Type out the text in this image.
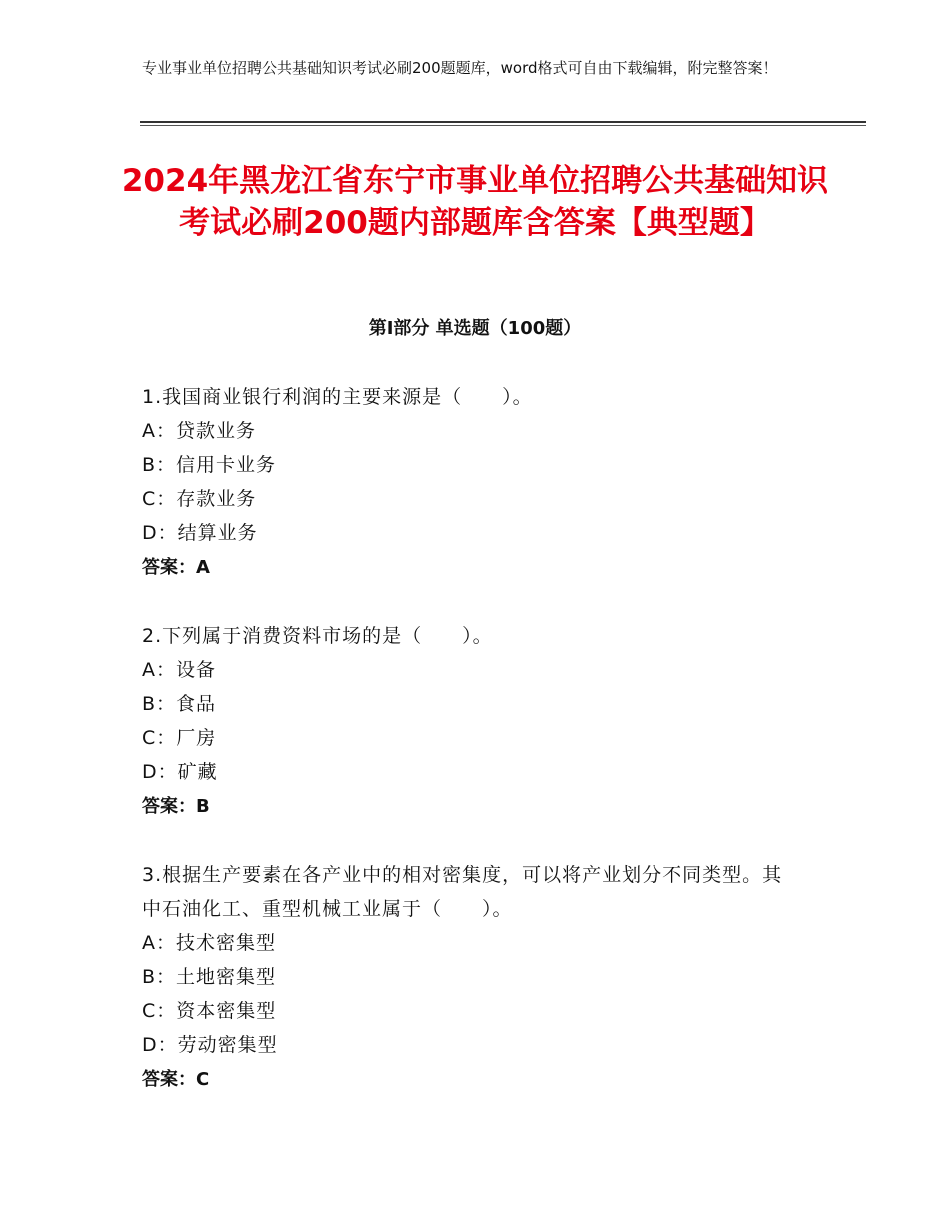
专业事业单位招聘公共基础知识考试必刷200题题库，word格式可自由下载编辑，附完整答案！
2024年黑龙江省东宁市事业单位招聘公共基础知识考试必刷200题内部题库含答案【典型题】
第Ⅰ部分 单选题（100题）
1.我国商业银行利润的主要来源是（　　）。
A：贷款业务
B：信用卡业务
C：存款业务
D：结算业务
答案：A
2.下列属于消费资料市场的是（　　）。
A：设备
B：食品
C：厂房
D：矿藏
答案：B
3.根据生产要素在各产业中的相对密集度，可以将产业划分不同类型。其中石油化工、重型机械工业属于（　　）。
A：技术密集型
B：土地密集型
C：资本密集型
D：劳动密集型
答案：C
